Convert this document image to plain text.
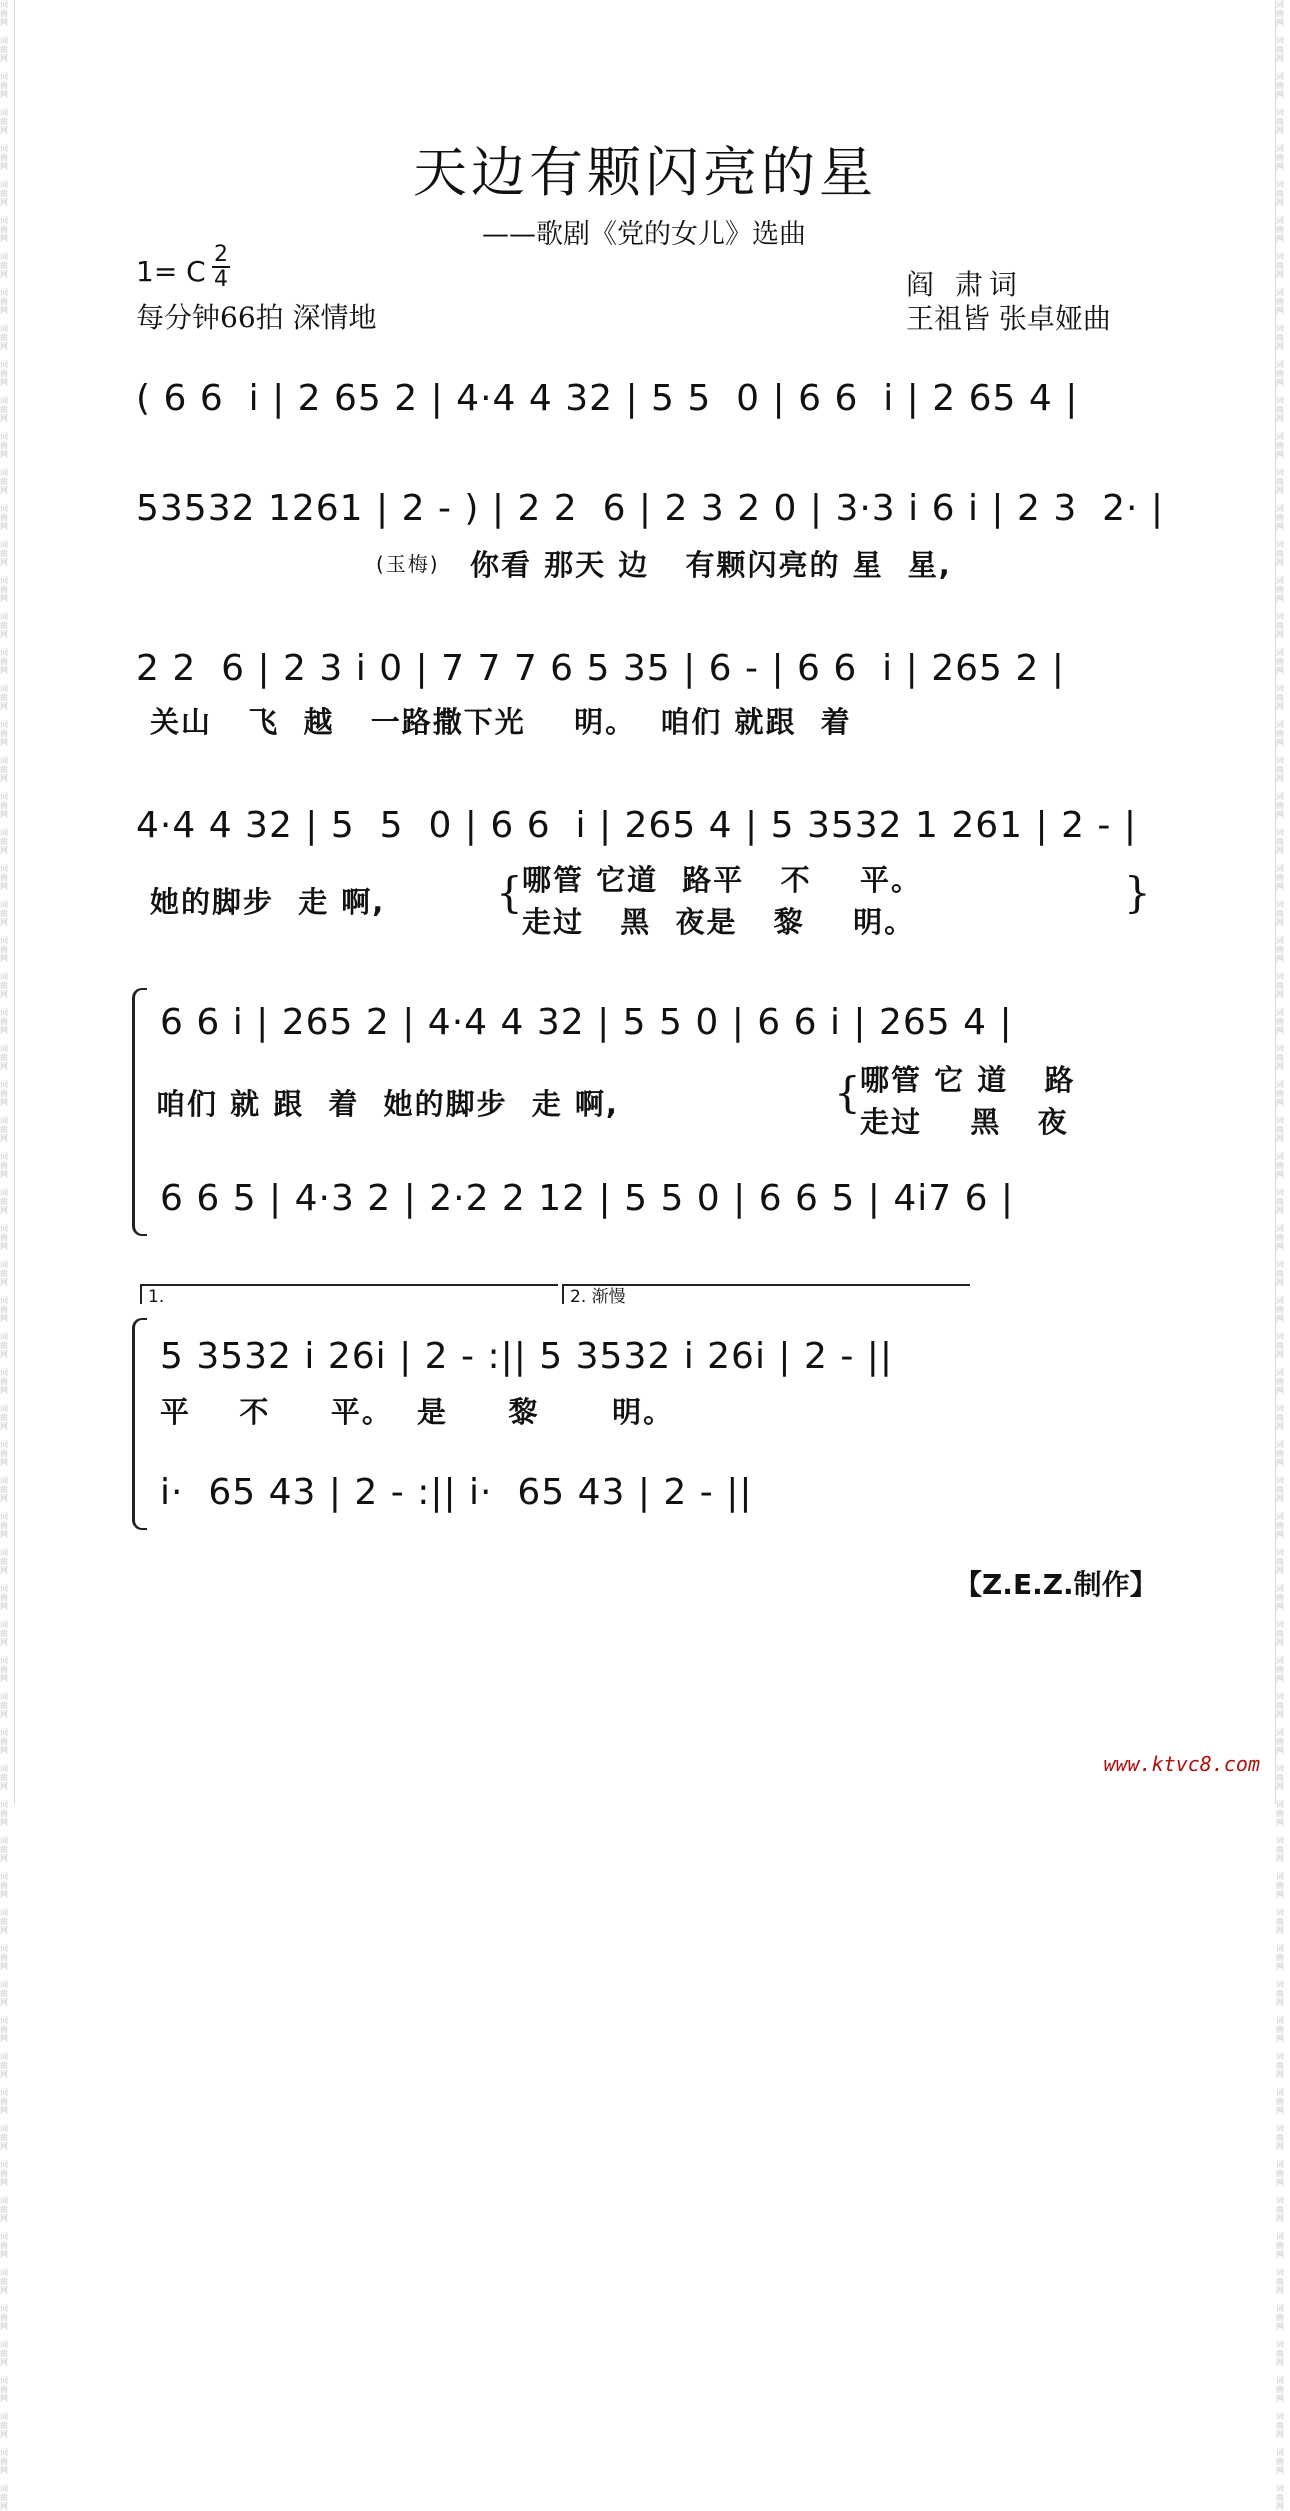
词
曲
网

词
曲
网

词
曲
网

词
曲
网

词
曲
网

词
曲
网

词
曲
网

词
曲
网

词
曲
网

词
曲
网

词
曲
网

词
曲
网

词
曲
网

词
曲
网

词
曲
网

词
曲
网

词
曲
网

词
曲
网

词
曲
网

词
曲
网

词
曲
网

词
曲
网

词
曲
网

词
曲
网

词
曲
网

词
曲
网

词
曲
网

词
曲
网

词
曲
网

词
曲
网

词
曲
网

词
曲
网

词
曲
网

词
曲
网

词
曲
网

词
曲
网

词
曲
网

词
曲
网

词
曲
网

词
曲
网

词
曲
网

词
曲
网

词
曲
网

词
曲
网

词
曲
网

词
曲
网

词
曲
网

词
曲
网

词
曲
网

词
曲
网

词
曲
网

词
曲
网

词
曲
网

词
曲
网

词
曲
网

词
曲
网

词
曲
网

词
曲
网

词
曲
网

词
曲
网

词
曲
网

词
曲
网

词
曲
网

词
曲
网

词
曲
网

词
曲
网

词
曲
网

词
曲
网

词
曲
网

词
曲
网

词
曲
网

词
曲
网

词
曲
网

词
曲
网

词
曲
网

词
曲
网

词
曲
网

词
曲
网

词
曲
网

词
曲
网

词
曲
网

词
曲
网

词
曲
网

词
曲
网

词
曲
网

词
曲
网

词
曲
网

词
曲
网

词
曲
网

词
曲
网

词
曲
网

词
曲
网

词
曲
网

词
曲
网

词
曲
网

词
曲
网

词
曲
网

词
曲
网

词
曲
网

词
曲
网

词
曲
网

词
曲
网

词
曲
网

词
曲
网

词
曲
网

词
曲
网

词
曲
网

词
曲
网

词
曲
网

词
曲
网

词
曲
网

词
曲
网

词
曲
网

词
曲
网

词
曲
网

词
曲
网

词
曲
网

词
曲
网

词
曲
网

词
曲
网

词
曲
网

词
曲
网

词
曲
网

词
曲
网

词
曲
网

词
曲
网

词
曲
网

词
曲
网

词
曲
网

词
曲
网

词
曲
网

词
曲
网

词
曲
网

词
曲
网

词
曲
网

词
曲
网

词
曲
网

词
曲
网

词
曲
网

词
曲
网

天边有颗闪亮的星
——歌剧《党的女儿》选曲
1= C
2
4
每分钟66拍 深情地
阎 肃词
王祖皆 张卓娅曲
( 6 6  i | 2 65 2 | 4·4 4 32 | 5 5  0 | 6 6  i | 2 65 4 |
53532 1261 | 2 - ) | 2 2  6 | 2 3 2 0 | 3·3 i 6 i | 2 3  2· |
(玉梅) 你看 那天 边   有颗闪亮的 星  星,
2 2  6 | 2 3 i 0 | 7 7 7 6 5 35 | 6 - | 6 6  i | 265 2 |
关山   飞  越   一路撒下光    明。  咱们 就跟  着
4·4 4 32 | 5  5  0 | 6 6  i | 265 4 | 5 3532 1 261 | 2 - |
她的脚步  走 啊,	{ 哪管 它道  路平   不    平。
走过   黑  夜是   黎    明。
}
6 6 i | 265 2 | 4·4 4 32 | 5 5 0 | 6 6 i | 265 4 |
咱们 就 跟  着  她的脚步  走 啊,	{ 哪管 它 道   路
走过    黑   夜
6 6 5 | 4·3 2 | 2·2 2 12 | 5 5 0 | 6 6 5 | 4i7 6 |
1.	2. 渐慢
5 3532 i 26i | 2 - :|| 5 3532 i 26i | 2 - ||
平    不     平。  是     黎      明。
i·  65 43 | 2 - :|| i·  65 43 | 2 - ||
【Z.E.Z.制作】
www.ktvc8.com
